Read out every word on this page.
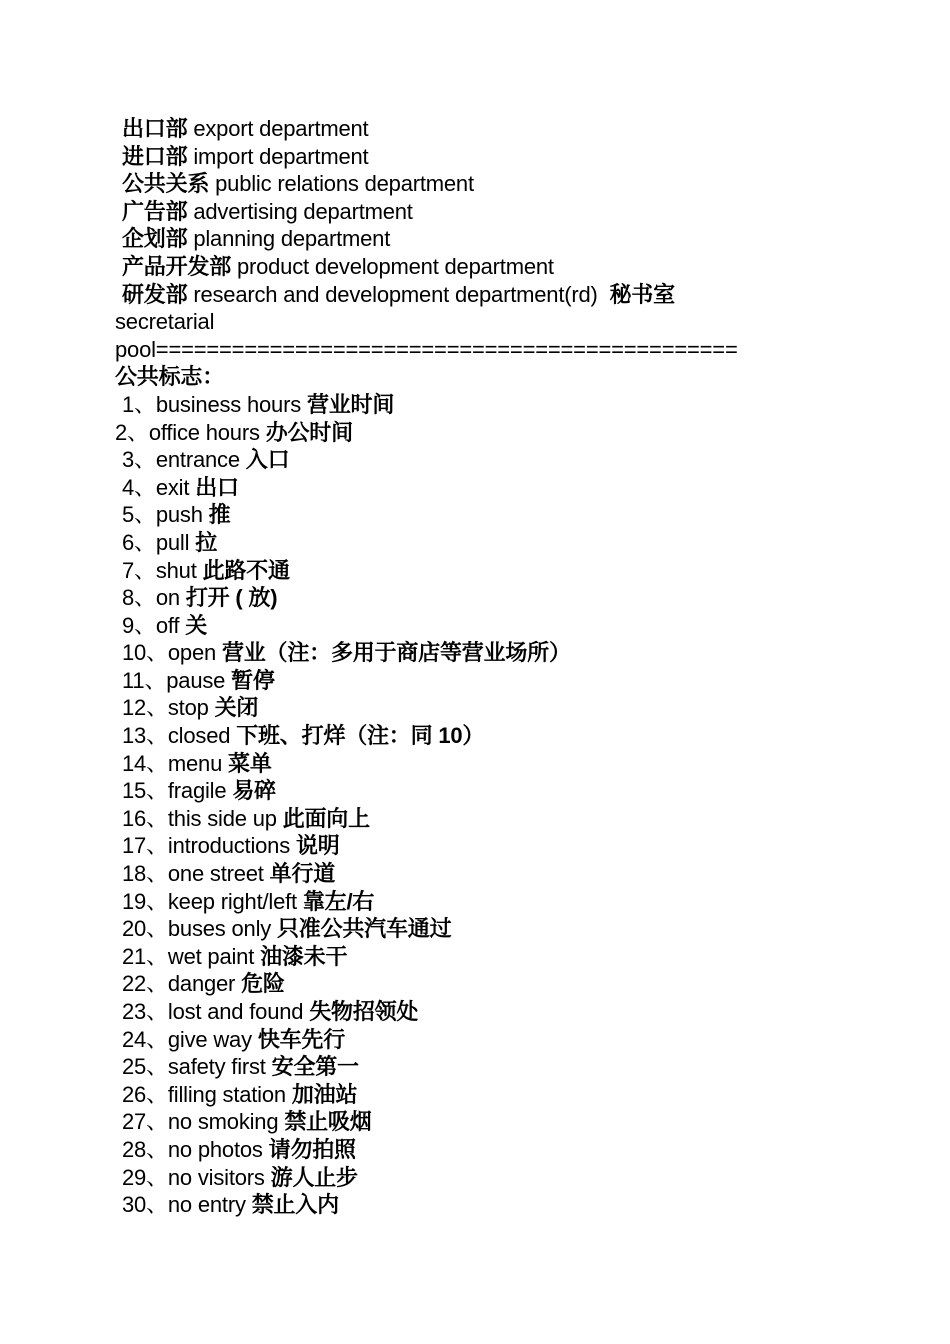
出口部 export department
进口部 import department
公共关系 public relations department
广告部 advertising department
企划部 planning department
产品开发部 product development department
研发部 research and development department(rd) 秘书室
secretarial
pool==============================================
公共标志：
1、business hours 营业时间
2、office hours 办公时间
3、entrance 入口
4、exit 出口
5、push 推
6、pull 拉
7、shut 此路不通
8、on 打开 ( 放)
9、off 关
10、open 营业（注：多用于商店等营业场所）
11、pause 暂停
12、stop 关闭
13、closed 下班、打烊（注：同 10）
14、menu 菜单
15、fragile 易碎
16、this side up 此面向上
17、introductions 说明
18、one street 单行道
19、keep right/left 靠左/右
20、buses only 只准公共汽车通过
21、wet paint 油漆未干
22、danger 危险
23、lost and found 失物招领处
24、give way 快车先行
25、safety first 安全第一
26、filling station 加油站
27、no smoking 禁止吸烟
28、no photos 请勿拍照
29、no visitors 游人止步
30、no entry 禁止入内
